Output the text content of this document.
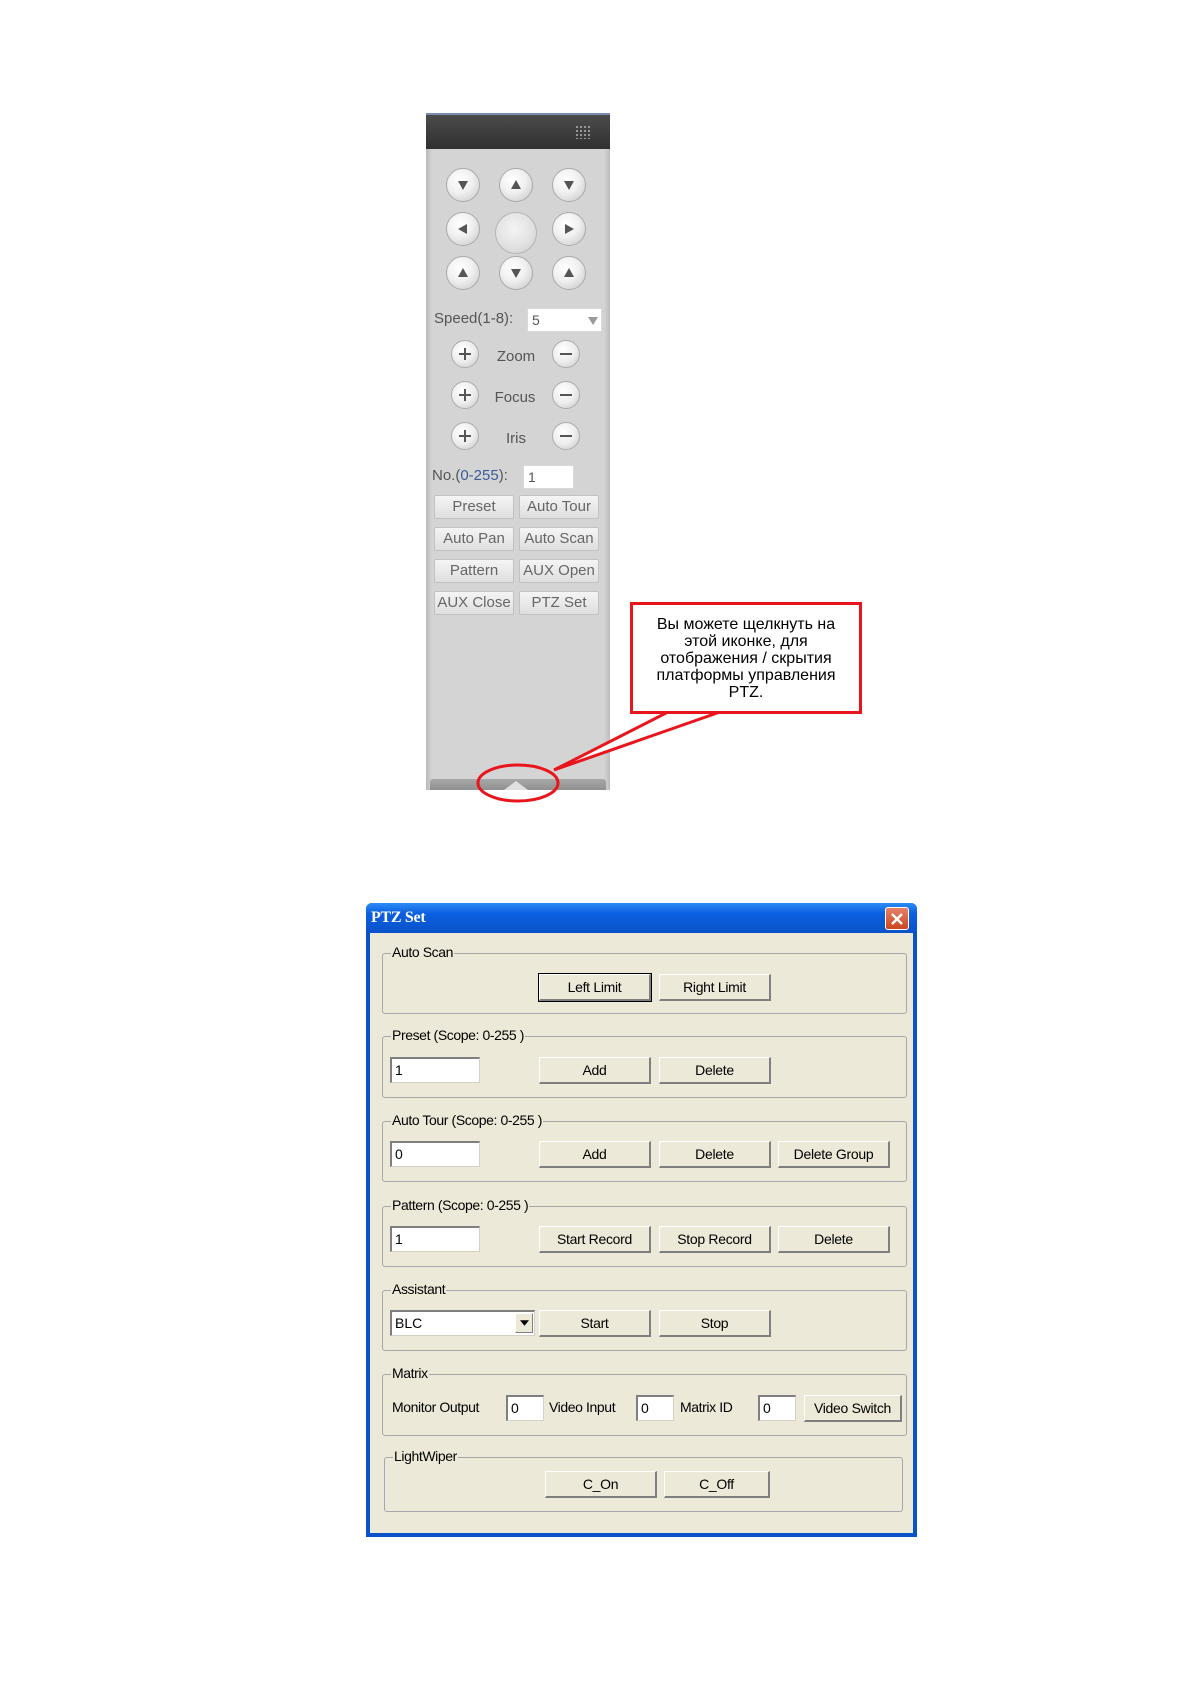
Speed(1-8):	5
Zoom
Focus
Iris
No.(0-255):	1
Preset	Auto Tour
Auto Pan	Auto Scan
Pattern	AUX Open
AUX Close	PTZ Set
Вы можете щелкнуть на этой иконке, для отображения / скрытия платформы управления PTZ.
PTZ Set
Auto Scan
Left Limit	Right Limit
Preset (Scope: 0-255 )
1	Add	Delete
Auto Tour (Scope: 0-255 )
0	Add	Delete	Delete Group
Pattern (Scope: 0-255 )
1	Start Record	Stop Record	Delete
Assistant
BLC	Start	Stop
Matrix
Monitor Output	0	Video Input	0	Matrix ID	0	Video Switch
LightWiper
C_On	C_Off
